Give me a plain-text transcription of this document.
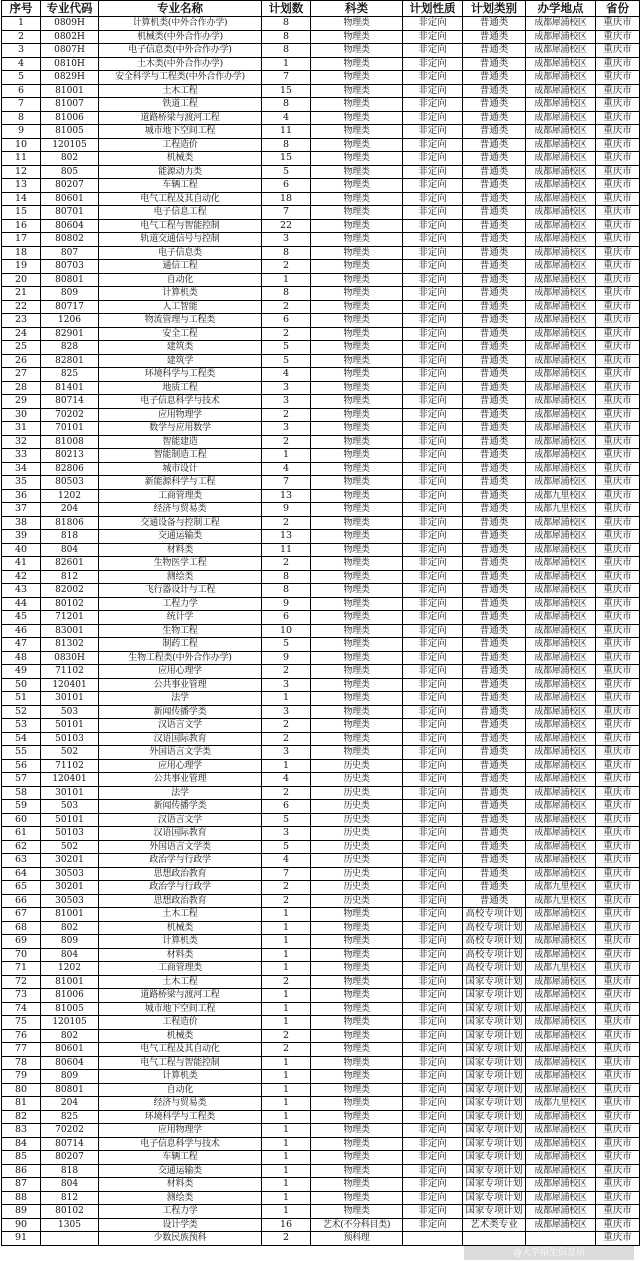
序号	专业代码	专业名称	计划数	科类	计划性质	计划类别	办学地点	省份
1	0809H	计算机类(中外合作办学)	8	物理类	非定向	普通类	成都犀浦校区	重庆市
2	0802H	机械类(中外合作办学)	8	物理类	非定向	普通类	成都犀浦校区	重庆市
3	0807H	电子信息类(中外合作办学)	8	物理类	非定向	普通类	成都犀浦校区	重庆市
4	0810H	土木类(中外合作办学)	1	物理类	非定向	普通类	成都犀浦校区	重庆市
5	0829H	安全科学与工程类(中外合作办学)	7	物理类	非定向	普通类	成都犀浦校区	重庆市
6	81001	土木工程	15	物理类	非定向	普通类	成都犀浦校区	重庆市
7	81007	铁道工程	8	物理类	非定向	普通类	成都犀浦校区	重庆市
8	81006	道路桥梁与渡河工程	4	物理类	非定向	普通类	成都犀浦校区	重庆市
9	81005	城市地下空间工程	11	物理类	非定向	普通类	成都犀浦校区	重庆市
10	120105	工程造价	8	物理类	非定向	普通类	成都犀浦校区	重庆市
11	802	机械类	15	物理类	非定向	普通类	成都犀浦校区	重庆市
12	805	能源动力类	5	物理类	非定向	普通类	成都犀浦校区	重庆市
13	80207	车辆工程	6	物理类	非定向	普通类	成都犀浦校区	重庆市
14	80601	电气工程及其自动化	18	物理类	非定向	普通类	成都犀浦校区	重庆市
15	80701	电子信息工程	7	物理类	非定向	普通类	成都犀浦校区	重庆市
16	80604	电气工程与智能控制	22	物理类	非定向	普通类	成都犀浦校区	重庆市
17	80802	轨道交通信号与控制	3	物理类	非定向	普通类	成都犀浦校区	重庆市
18	807	电子信息类	8	物理类	非定向	普通类	成都犀浦校区	重庆市
19	80703	通信工程	2	物理类	非定向	普通类	成都犀浦校区	重庆市
20	80801	自动化	1	物理类	非定向	普通类	成都犀浦校区	重庆市
21	809	计算机类	8	物理类	非定向	普通类	成都犀浦校区	重庆市
22	80717	人工智能	2	物理类	非定向	普通类	成都犀浦校区	重庆市
23	1206	物流管理与工程类	6	物理类	非定向	普通类	成都犀浦校区	重庆市
24	82901	安全工程	2	物理类	非定向	普通类	成都犀浦校区	重庆市
25	828	建筑类	5	物理类	非定向	普通类	成都犀浦校区	重庆市
26	82801	建筑学	5	物理类	非定向	普通类	成都犀浦校区	重庆市
27	825	环境科学与工程类	4	物理类	非定向	普通类	成都犀浦校区	重庆市
28	81401	地质工程	3	物理类	非定向	普通类	成都犀浦校区	重庆市
29	80714	电子信息科学与技术	3	物理类	非定向	普通类	成都犀浦校区	重庆市
30	70202	应用物理学	2	物理类	非定向	普通类	成都犀浦校区	重庆市
31	70101	数学与应用数学	3	物理类	非定向	普通类	成都犀浦校区	重庆市
32	81008	智能建造	2	物理类	非定向	普通类	成都犀浦校区	重庆市
33	80213	智能制造工程	1	物理类	非定向	普通类	成都犀浦校区	重庆市
34	82806	城市设计	4	物理类	非定向	普通类	成都犀浦校区	重庆市
35	80503	新能源科学与工程	7	物理类	非定向	普通类	成都犀浦校区	重庆市
36	1202	工商管理类	13	物理类	非定向	普通类	成都九里校区	重庆市
37	204	经济与贸易类	9	物理类	非定向	普通类	成都九里校区	重庆市
38	81806	交通设备与控制工程	2	物理类	非定向	普通类	成都犀浦校区	重庆市
39	818	交通运输类	13	物理类	非定向	普通类	成都犀浦校区	重庆市
40	804	材料类	11	物理类	非定向	普通类	成都犀浦校区	重庆市
41	82601	生物医学工程	2	物理类	非定向	普通类	成都犀浦校区	重庆市
42	812	测绘类	8	物理类	非定向	普通类	成都犀浦校区	重庆市
43	82002	飞行器设计与工程	8	物理类	非定向	普通类	成都犀浦校区	重庆市
44	80102	工程力学	9	物理类	非定向	普通类	成都犀浦校区	重庆市
45	71201	统计学	6	物理类	非定向	普通类	成都犀浦校区	重庆市
46	83001	生物工程	10	物理类	非定向	普通类	成都犀浦校区	重庆市
47	81302	制药工程	5	物理类	非定向	普通类	成都犀浦校区	重庆市
48	0830H	生物工程类(中外合作办学)	9	物理类	非定向	普通类	成都犀浦校区	重庆市
49	71102	应用心理学	2	物理类	非定向	普通类	成都犀浦校区	重庆市
50	120401	公共事业管理	3	物理类	非定向	普通类	成都犀浦校区	重庆市
51	30101	法学	1	物理类	非定向	普通类	成都犀浦校区	重庆市
52	503	新闻传播学类	3	物理类	非定向	普通类	成都犀浦校区	重庆市
53	50101	汉语言文学	2	物理类	非定向	普通类	成都犀浦校区	重庆市
54	50103	汉语国际教育	2	物理类	非定向	普通类	成都犀浦校区	重庆市
55	502	外国语言文学类	3	物理类	非定向	普通类	成都犀浦校区	重庆市
56	71102	应用心理学	1	历史类	非定向	普通类	成都犀浦校区	重庆市
57	120401	公共事业管理	4	历史类	非定向	普通类	成都犀浦校区	重庆市
58	30101	法学	2	历史类	非定向	普通类	成都犀浦校区	重庆市
59	503	新闻传播学类	6	历史类	非定向	普通类	成都犀浦校区	重庆市
60	50101	汉语言文学	5	历史类	非定向	普通类	成都犀浦校区	重庆市
61	50103	汉语国际教育	3	历史类	非定向	普通类	成都犀浦校区	重庆市
62	502	外国语言文学类	5	历史类	非定向	普通类	成都犀浦校区	重庆市
63	30201	政治学与行政学	4	历史类	非定向	普通类	成都犀浦校区	重庆市
64	30503	思想政治教育	7	历史类	非定向	普通类	成都犀浦校区	重庆市
65	30201	政治学与行政学	2	历史类	非定向	普通类	成都九里校区	重庆市
66	30503	思想政治教育	2	历史类	非定向	普通类	成都九里校区	重庆市
67	81001	土木工程	1	物理类	非定向	高校专项计划	成都犀浦校区	重庆市
68	802	机械类	1	物理类	非定向	高校专项计划	成都犀浦校区	重庆市
69	809	计算机类	1	物理类	非定向	高校专项计划	成都犀浦校区	重庆市
70	804	材料类	1	物理类	非定向	高校专项计划	成都犀浦校区	重庆市
71	1202	工商管理类	1	物理类	非定向	高校专项计划	成都九里校区	重庆市
72	81001	土木工程	2	物理类	非定向	国家专项计划	成都犀浦校区	重庆市
73	81006	道路桥梁与渡河工程	1	物理类	非定向	国家专项计划	成都犀浦校区	重庆市
74	81005	城市地下空间工程	1	物理类	非定向	国家专项计划	成都犀浦校区	重庆市
75	120105	工程造价	1	物理类	非定向	国家专项计划	成都犀浦校区	重庆市
76	802	机械类	2	物理类	非定向	国家专项计划	成都犀浦校区	重庆市
77	80601	电气工程及其自动化	2	物理类	非定向	国家专项计划	成都犀浦校区	重庆市
78	80604	电气工程与智能控制	1	物理类	非定向	国家专项计划	成都犀浦校区	重庆市
79	809	计算机类	1	物理类	非定向	国家专项计划	成都犀浦校区	重庆市
80	80801	自动化	1	物理类	非定向	国家专项计划	成都犀浦校区	重庆市
81	204	经济与贸易类	1	物理类	非定向	国家专项计划	成都九里校区	重庆市
82	825	环境科学与工程类	1	物理类	非定向	国家专项计划	成都犀浦校区	重庆市
83	70202	应用物理学	1	物理类	非定向	国家专项计划	成都犀浦校区	重庆市
84	80714	电子信息科学与技术	1	物理类	非定向	国家专项计划	成都犀浦校区	重庆市
85	80207	车辆工程	1	物理类	非定向	国家专项计划	成都犀浦校区	重庆市
86	818	交通运输类	1	物理类	非定向	国家专项计划	成都犀浦校区	重庆市
87	804	材料类	1	物理类	非定向	国家专项计划	成都犀浦校区	重庆市
88	812	测绘类	1	物理类	非定向	国家专项计划	成都犀浦校区	重庆市
89	80102	工程力学	1	物理类	非定向	国家专项计划	成都犀浦校区	重庆市
90	1305	设计学类	16	艺术(不分科目类)	非定向	艺术类专业	成都犀浦校区	重庆市
91		少数民族预科	2	预科理				重庆市
@大学招生信息站
